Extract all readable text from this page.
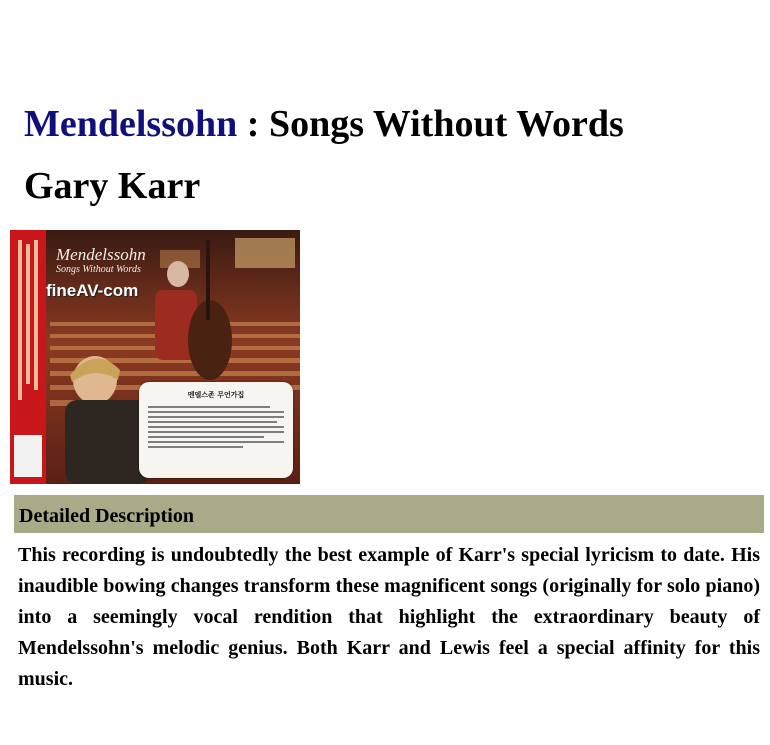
Mendelssohn : Songs Without Words
Gary Karr
Mendelssohn
Songs Without Words
fineAV-com
멘델스존 무언가집
Detailed Description
This recording is undoubtedly the best example of Karr's special lyricism to date. His inaudible bowing changes transform these magnificent songs (originally for solo piano) into a seemingly vocal rendition that highlight the extraordinary beauty of Mendelssohn's melodic genius. Both Karr and Lewis feel a special affinity for this music.
